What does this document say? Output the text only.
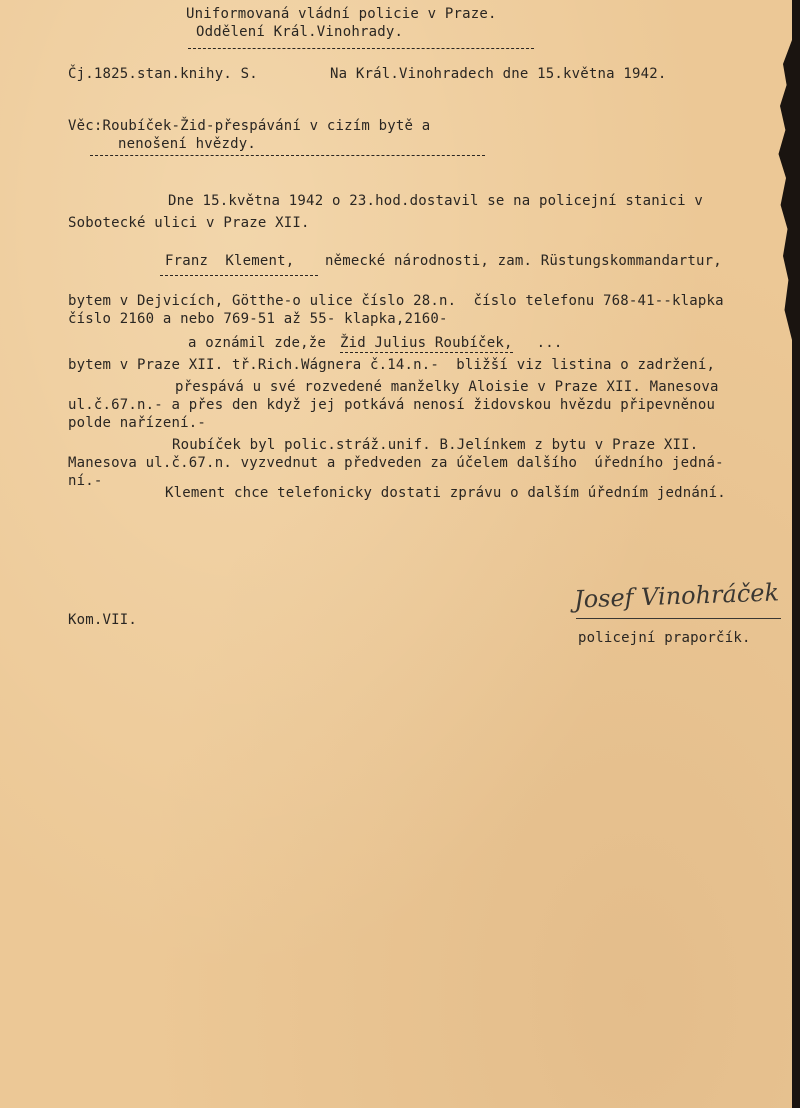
Uniformovaná vládní policie v Praze.
Oddělení Král.Vinohrady.
Čj.1825.stan.knihy. S.	Na Král.Vinohradech dne 15.května 1942.
Věc:Roubíček-Žid-přespávání v cizím bytě a
nenošení hvězdy.
Dne 15.května 1942 o 23.hod.dostavil se na policejní stanici v
Sobotecké ulici v Praze XII.
Franz  Klement, německé národnosti, zam. Rüstungskommandartur,
bytem v Dejvicích, Götthe-o ulice číslo 28.n.  číslo telefonu 768-41--klapka
číslo 2160 a nebo 769-51 až 55- klapka,2160-
a oznámil zde,že Žid Julius Roubíček, ...
bytem v Praze XII. tř.Rich.Wágnera č.14.n.-  bližší viz listina o zadržení,
přespává u své rozvedené manželky Aloisie v Praze XII. Manesova
ul.č.67.n.- a přes den když jej potkává nenosí židovskou hvězdu připevněnou
polde nařízení.-
Roubíček byl polic.stráž.unif. B.Jelínkem z bytu v Praze XII.
Manesova ul.č.67.n. vyzvednut a předveden za účelem dalšího  úředního jedná-
ní.-
Klement chce telefonicky dostati zprávu o dalším úředním jednání.
Kom.VII.
Josef Vinohráček
policejní praporčík.
